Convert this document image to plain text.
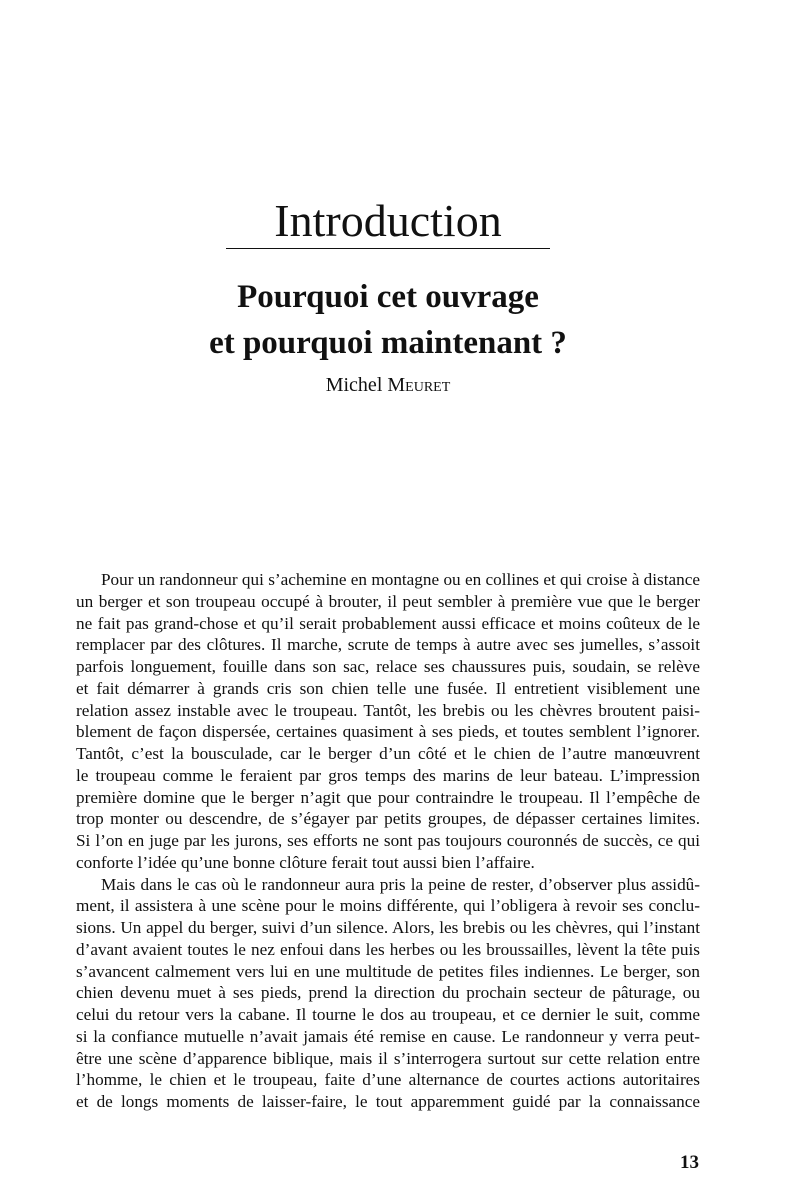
Introduction
Pourquoi cet ouvrage
et pourquoi maintenant ?

Michel Meuret

Pour un randonneur qui s’achemine en montagne ou en collines et qui croise à distance
un berger et son troupeau occupé à brouter, il peut sembler à première vue que le berger
ne fait pas grand-chose et qu’il serait probablement aussi efficace et moins coûteux de le
remplacer par des clôtures. Il marche, scrute de temps à autre avec ses jumelles, s’assoit
parfois longuement, fouille dans son sac, relace ses chaussures puis, soudain, se relève
et fait démarrer à grands cris son chien telle une fusée. Il entretient visiblement une
relation assez instable avec le troupeau. Tantôt, les brebis ou les chèvres broutent paisi-
blement de façon dispersée, certaines quasiment à ses pieds, et toutes semblent l’ignorer.
Tantôt, c’est la bousculade, car le berger d’un côté et le chien de l’autre manœuvrent
le troupeau comme le feraient par gros temps des marins de leur bateau. L’impression
première domine que le berger n’agit que pour contraindre le troupeau. Il l’empêche de
trop monter ou descendre, de s’égayer par petits groupes, de dépasser certaines limites.
Si l’on en juge par les jurons, ses efforts ne sont pas toujours couronnés de succès, ce qui
conforte l’idée qu’une bonne clôture ferait tout aussi bien l’affaire.

Mais dans le cas où le randonneur aura pris la peine de rester, d’observer plus assidû-
ment, il assistera à une scène pour le moins différente, qui l’obligera à revoir ses conclu-
sions. Un appel du berger, suivi d’un silence. Alors, les brebis ou les chèvres, qui l’instant
d’avant avaient toutes le nez enfoui dans les herbes ou les broussailles, lèvent la tête puis
s’avancent calmement vers lui en une multitude de petites files indiennes. Le berger, son
chien devenu muet à ses pieds, prend la direction du prochain secteur de pâturage, ou
celui du retour vers la cabane. Il tourne le dos au troupeau, et ce dernier le suit, comme
si la confiance mutuelle n’avait jamais été remise en cause. Le randonneur y verra peut-
être une scène d’apparence biblique, mais il s’interrogera surtout sur cette relation entre
l’homme, le chien et le troupeau, faite d’une alternance de courtes actions autoritaires
et de longs moments de laisser-faire, le tout apparemment guidé par la connaissance

13
